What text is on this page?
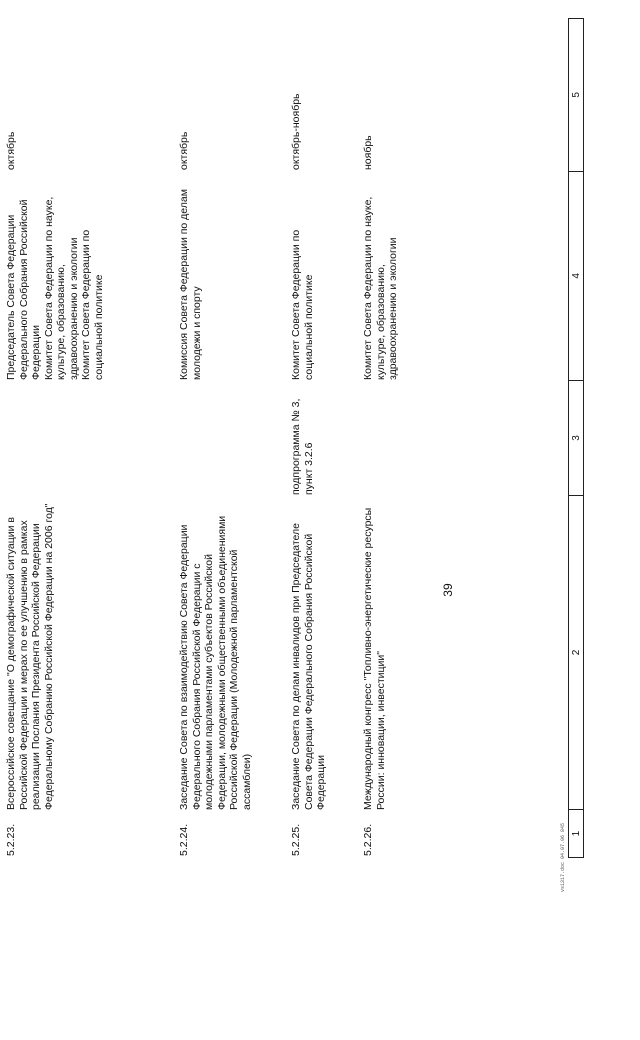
39
1
2
3
4
5
5.2.23.
Всероссийское совещание "О демографической ситуации в Российской Федерации и мерах по ее улучшению в рамках реализации Послания Президента Российской Федерации Федеральному Собранию Российской Федерации на 2006 год"
Председатель Совета Федерации Федерального Собрания Российской Федерации
Комитет Совета Федерации по науке, культуре, образованию, здравоохранению и экологии
Комитет Совета Федерации по социальной политике
октябрь
5.2.24.
Заседание Совета по взаимодействию Совета Федерации Федерального Собрания Российской Федерации с молодежными парламентами субъектов Российской Федерации, молодежными общественными объединениями Российской Федерации (Молодежной парламентской ассамблеи)
Комиссия Совета Федерации по делам молодежи и спорту
октябрь
5.2.25.
Заседание Совета по делам инвалидов при Председателе Совета Федерации Федерального Собрания Российской Федерации
подпрограмма № 3, пункт 3.2.6
Комитет Совета Федерации по социальной политике
октябрь-ноябрь
5.2.26.
Международный конгресс "Топливно-энергетические ресурсы России: инновации, инвестиции"
Комитет Совета Федерации по науке, культуре, образованию, здравоохранению и экологии
ноябрь
vs1317.doc 04.07.06 845
